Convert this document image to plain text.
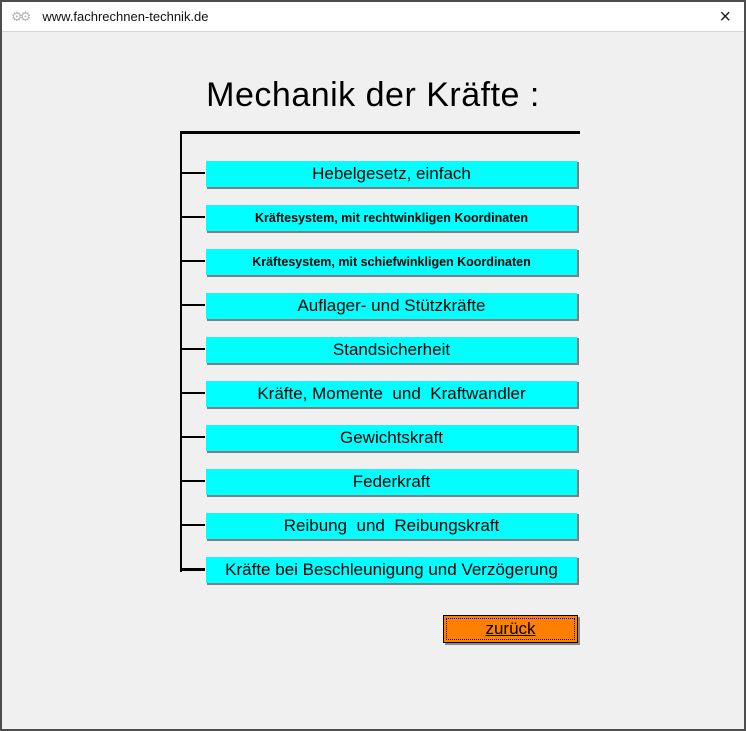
⚙⚙ www.fachrechnen-technik.de	×
Mechanik der Kräfte :
Hebelgesetz, einfach
Kräftesystem, mit rechtwinkligen Koordinaten
Kräftesystem, mit schiefwinkligen Koordinaten
Auflager- und Stützkräfte
Standsicherheit
Kräfte, Momente  und  Kraftwandler
Gewichtskraft
Federkraft
Reibung  und  Reibungskraft
Kräfte bei Beschleunigung und Verzögerung
zurück
